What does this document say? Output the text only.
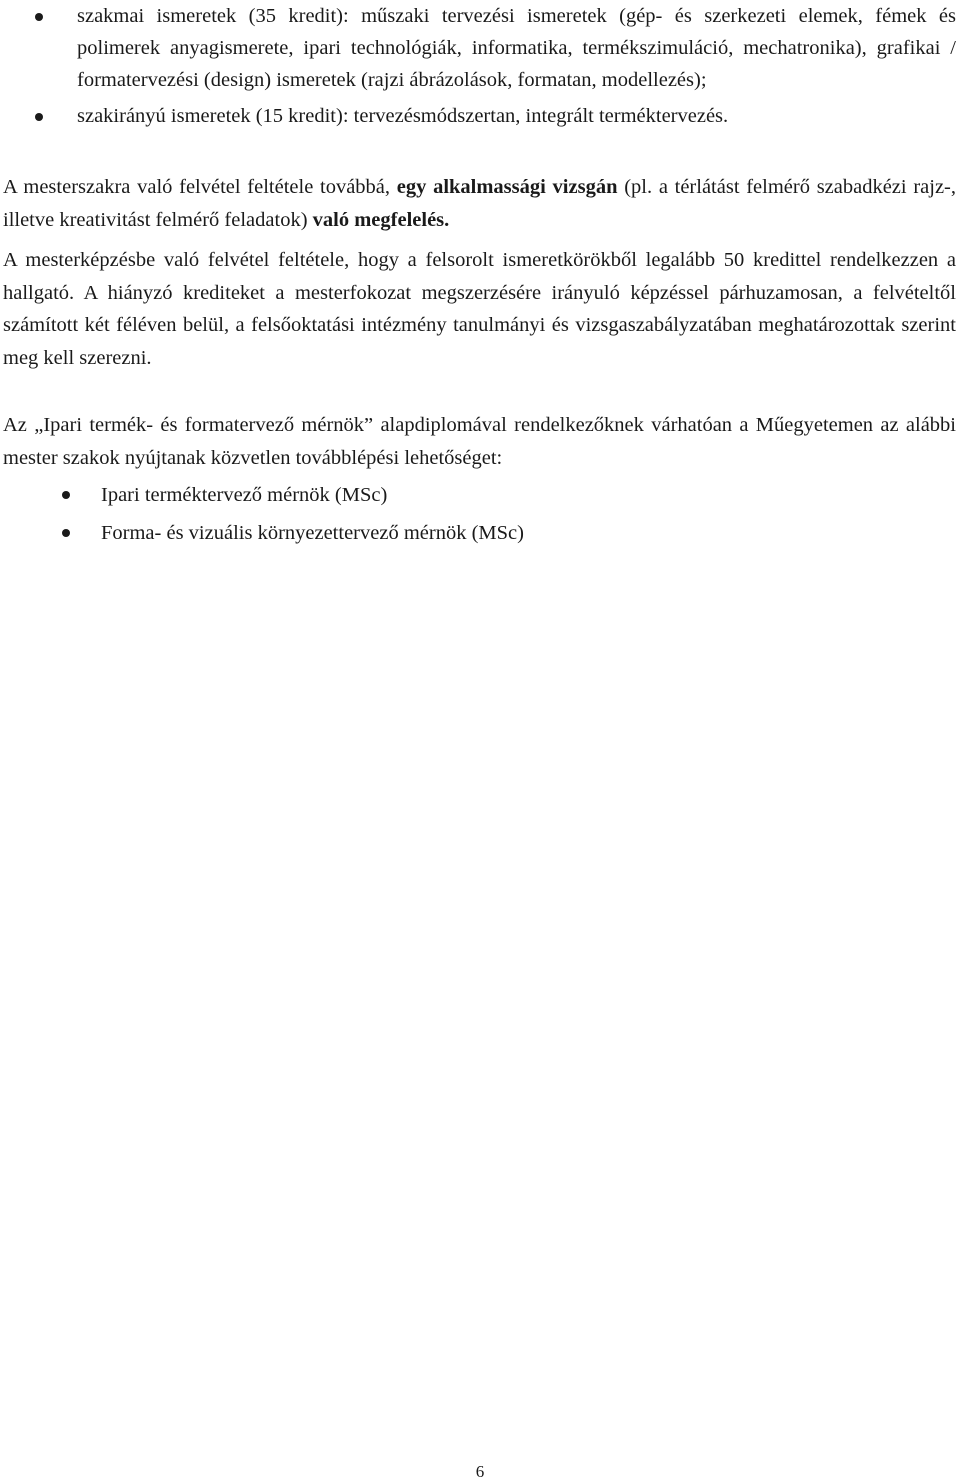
szakmai ismeretek (35 kredit): műszaki tervezési ismeretek (gép- és szerkezeti elemek, fémek és polimerek anyagismerete, ipari technológiák, informatika, termékszimuláció, mechatronika), grafikai / formatervezési (design) ismeretek (rajzi ábrázolások, formatan, modellezés);
szakirányú ismeretek (15 kredit): tervezésmódszertan, integrált terméktervezés.

A mesterszakra való felvétel feltétele továbbá, egy alkalmassági vizsgán (pl. a térlátást felmérő szabadkézi rajz-, illetve kreativitást felmérő feladatok) való megfelelés.

A mesterképzésbe való felvétel feltétele, hogy a felsorolt ismeretkörökből legalább 50 kredittel rendelkezzen a hallgató. A hiányzó krediteket a mesterfokozat megszerzésére irányuló képzéssel párhuzamosan, a felvételtől számított két féléven belül, a felsőoktatási intézmény tanulmányi és vizsgaszabályzatában meghatározottak szerint meg kell szerezni.

Az „Ipari termék- és formatervező mérnök” alapdiplomával rendelkezőknek várhatóan a Műegyetemen az alábbi mester szakok nyújtanak közvetlen továbblépési lehetőséget:

Ipari terméktervező mérnök (MSc)
Forma- és vizuális környezettervező mérnök (MSc)
6
